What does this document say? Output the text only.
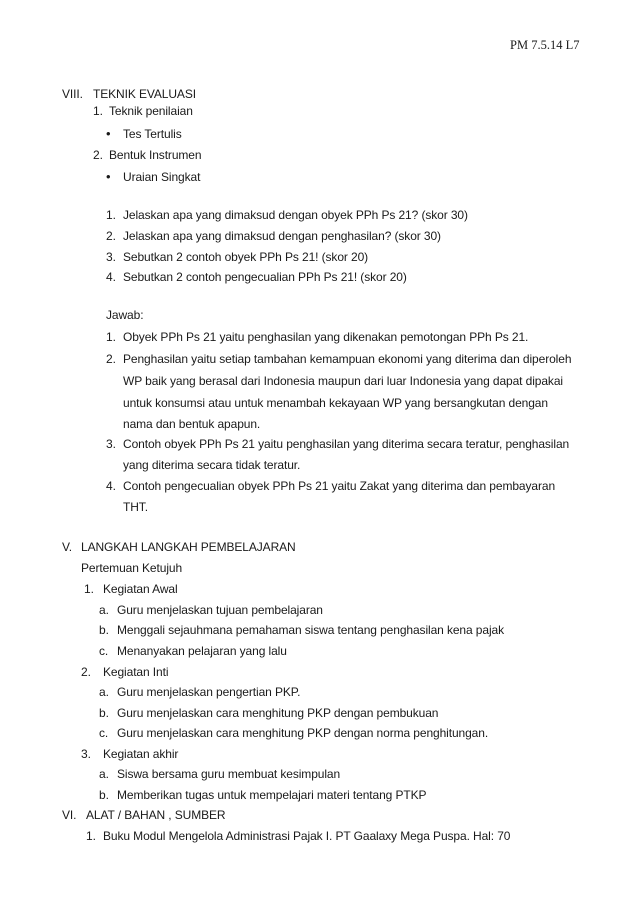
PM 7.5.14 L7
VIII. TEKNIK EVALUASI
1. Teknik penilaian
• Tes Tertulis
2. Bentuk Instrumen
• Uraian Singkat
1. Jelaskan apa yang dimaksud dengan obyek PPh Ps 21? (skor 30)
2. Jelaskan apa yang dimaksud dengan penghasilan? (skor 30)
3. Sebutkan 2 contoh obyek PPh Ps 21! (skor 20)
4. Sebutkan 2 contoh pengecualian PPh Ps 21! (skor 20)
Jawab:
1. Obyek PPh Ps 21 yaitu penghasilan yang dikenakan pemotongan PPh Ps 21.
2. Penghasilan yaitu setiap tambahan kemampuan ekonomi yang diterima dan diperoleh
WP baik yang berasal dari Indonesia maupun dari luar Indonesia yang dapat dipakai
untuk konsumsi atau untuk menambah kekayaan WP yang bersangkutan dengan
nama dan bentuk apapun.
3. Contoh obyek PPh Ps 21 yaitu penghasilan yang diterima secara teratur, penghasilan
yang diterima secara tidak teratur.
4. Contoh pengecualian obyek PPh Ps 21 yaitu Zakat yang diterima dan pembayaran
THT.
V. LANGKAH LANGKAH PEMBELAJARAN
Pertemuan Ketujuh
1. Kegiatan Awal
a. Guru menjelaskan tujuan pembelajaran
b. Menggali sejauhmana pemahaman siswa tentang penghasilan kena pajak
c. Menanyakan pelajaran yang lalu
2. Kegiatan Inti
a. Guru menjelaskan pengertian PKP.
b. Guru menjelaskan cara menghitung PKP dengan pembukuan
c. Guru menjelaskan cara menghitung PKP dengan norma penghitungan.
3. Kegiatan akhir
a. Siswa bersama guru membuat kesimpulan
b. Memberikan tugas untuk mempelajari materi tentang PTKP
VI. ALAT / BAHAN , SUMBER
1. Buku Modul Mengelola Administrasi Pajak I. PT Gaalaxy Mega Puspa. Hal: 70
